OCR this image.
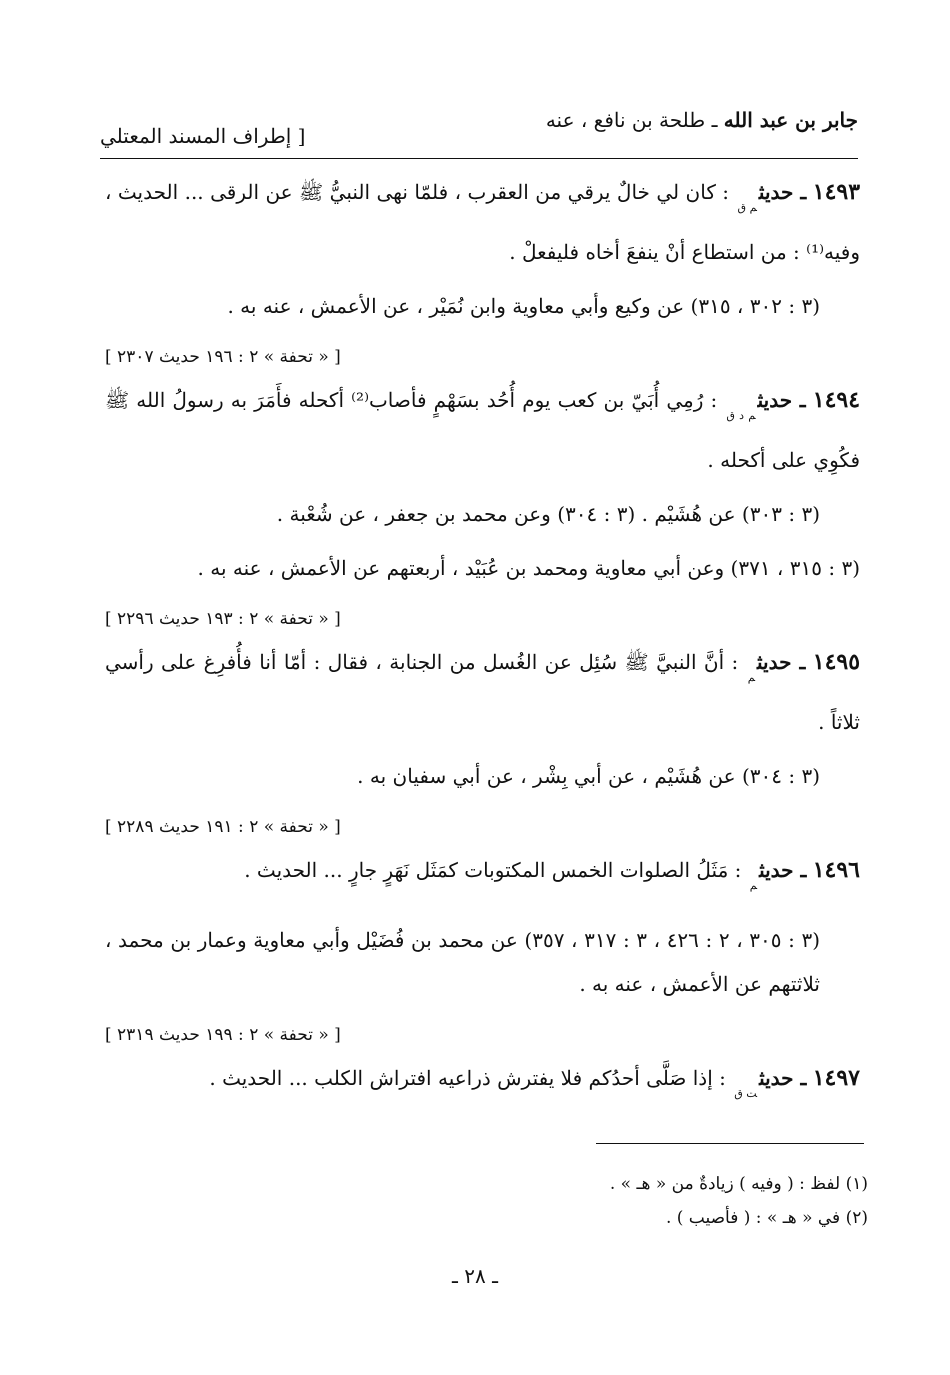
جابر بن عبد الله ـ طلحة بن نافع ، عنه
[ إطراف المسند المعتلي

١٤٩٣ ـ حديث$_{م ق}$ : كان لي خالٌ يرقي من العقرب ، فلمّا نهى النبيُّ ﷺ عن الرقى ... الحديث ، وفيه⁽¹⁾ : من استطاع أنْ ينفعَ أخاه فليفعلْ .

(٣ : ٣٠٢ ، ٣١٥) عن وكيع وأبي معاوية وابن نُمَيْر ، عن الأعمش ، عنه به .

[ « تحفة » ٢ : ١٩٦ حديث ٢٣٠٧ ]

١٤٩٤ ـ حديث$_{م د ق}$ : رُمِي أُبَيّ بن كعب يوم أُحُد بسَهْمٍ فأصاب⁽²⁾ أكحله فأَمَرَ به رسولُ الله ﷺ فكُوِي على أكحله .

(٣ : ٣٠٣) عن هُشَيْم . (٣ : ٣٠٤) وعن محمد بن جعفر ، عن شُعْبة .

(٣ : ٣١٥ ، ٣٧١) وعن أبي معاوية ومحمد بن عُبَيْد ، أربعتهم عن الأعمش ، عنه به .

[ « تحفة » ٢ : ١٩٣ حديث ٢٢٩٦ ]

١٤٩٥ ـ حديث$_م$ : أنَّ النبيَّ ﷺ سُئِل عن الغُسل من الجنابة ، فقال : أمّا أنا فأُفرِغ على رأسي ثلاثاً .

(٣ : ٣٠٤) عن هُشَيْم ، عن أبي بِشْر ، عن أبي سفيان به .

[ « تحفة » ٢ : ١٩١ حديث ٢٢٨٩ ]

١٤٩٦ ـ حديث$_م$ : مَثَلُ الصلوات الخمس المكتوبات كمَثَل نَهَرٍ جارٍ ... الحديث .

(٣ : ٣٠٥ ، ٢ : ٤٢٦ ، ٣ : ٣١٧ ، ٣٥٧) عن محمد بن فُضَيْل وأبي معاوية وعمار بن محمد ، ثلاثتهم عن الأعمش ، عنه به .

[ « تحفة » ٢ : ١٩٩ حديث ٢٣١٩ ]

١٤٩٧ ـ حديث$_{ت ق}$ : إذا صَلَّى أحدُكم فلا يفترش ذراعيه افتراش الكلب ... الحديث .

(١) لفظ : ( وفيه ) زيادةٌ من « هـ » .
(٢) في « هـ » : ( فأصيب ) .
ـ ٢٨ ـ
